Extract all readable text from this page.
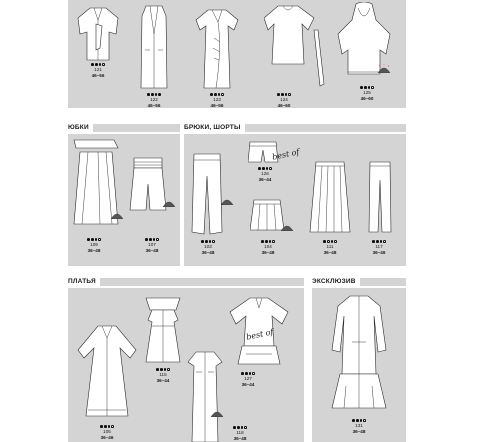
121
46–56
122
46–56
123
46–56
124
46–60
125
46–60
ЮБКИ
109
36–48
107
36–48
БРЮКИ, ШОРТЫ
103
36–48
best of
126
36–44
104
36–48
111
36–48
117
36–46
ПЛАТЬЯ
105
36–46
115
36–44
118
36–48
best of
127
36–44
ЭКСКЛЮЗИВ
131
36–48
